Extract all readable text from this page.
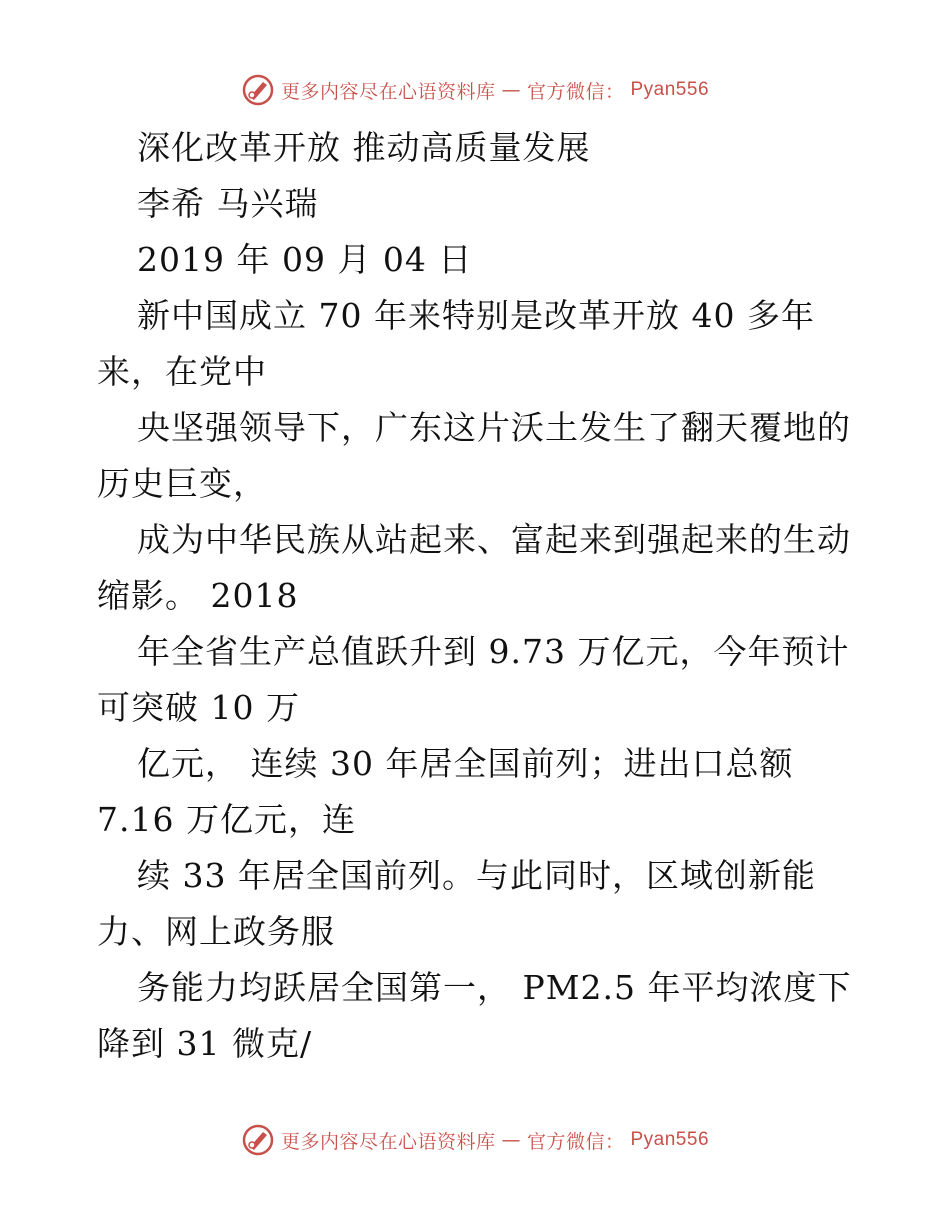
更多内容尽在心语资料库 — 官方微信： Pyan556
深化改革开放 推动高质量发展
李希 马兴瑞
2019 年 09 月 04 日
新中国成立 70 年来特别是改革开放 40 多年
来，在党中
央坚强领导下，广东这片沃土发生了翻天覆地的
历史巨变，
成为中华民族从站起来、富起来到强起来的生动
缩影。 2018
年全省生产总值跃升到 9.73 万亿元，今年预计
可突破 10 万
亿元， 连续 30 年居全国前列；进出口总额
7.16 万亿元，连
续 33 年居全国前列。与此同时，区域创新能
力、网上政务服
务能力均跃居全国第一， PM2.5 年平均浓度下
降到 31 微克/
更多内容尽在心语资料库 — 官方微信： Pyan556
